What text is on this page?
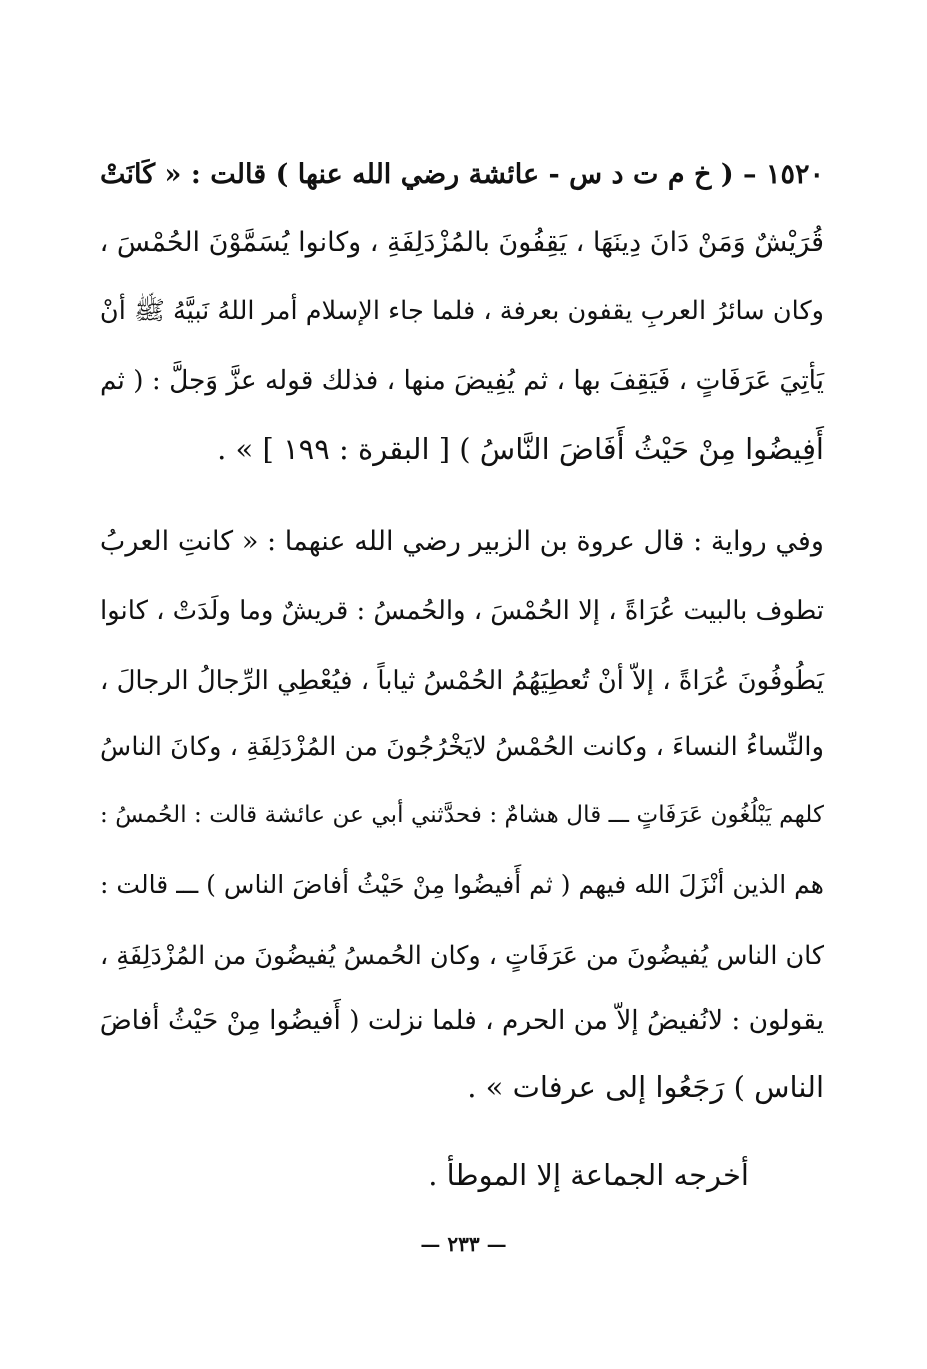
١٥٢٠ – ( خ م ت د س - عائشة رضي الله عنها ) قالت : « كَانَتْ
قُرَيْشٌ وَمَنْ دَانَ دِينَهَا ، يَقِفُونَ بالمُزْدَلِفَةِ ، وكانوا يُسَمَّوْنَ الحُمْسَ ،
وكان سائرُ العربِ يقفون بعرفة ، فلما جاء الإسلام أمر اللهُ نَبيَّهُ ﷺ أنْ
يَأتِيَ عَرَفَاتٍ ، فَيَقِفَ بها ، ثم يُفِيضَ منها ، فذلك قوله عزَّ وَجلَّ : ( ثم
أَفِيضُوا مِنْ حَيْثُ أَفَاضَ النَّاسُ ) [ البقرة : ١٩٩ ] » .
وفي رواية : قال عروة بن الزبير رضي الله عنهما : « كانتِ العربُ
تطوف بالبيت عُرَاةً ، إلا الحُمْسَ ، والحُمسُ : قريشٌ وما ولَدَتْ ، كانوا
يَطُوفُونَ عُرَاةً ، إلاّ أنْ تُعطِيَهُمُ الحُمْسُ ثياباً ، فيُعْطِي الرِّجالُ الرجالَ ،
والنِّساءُ النساءَ ، وكانت الحُمْسُ لايَخْرُجُونَ من المُزْدَلِفَةِ ، وكانَ الناسُ
كلهم يَبْلُغُون عَرَفَاتٍ ـــ قال هشامٌ : فحدَّثني أبي عن عائشة قالت : الحُمسُ :
هم الذين أنْزَلَ الله فيهم ( ثم أَفيضُوا مِنْ حَيْثُ أفاضَ الناس ) ـــ قالت :
كان الناس يُفيضُونَ من عَرَفَاتٍ ، وكان الحُمسُ يُفيضُونَ من المُزْدَلِفَةِ ،
يقولون : لانُفيضُ إلاّ من الحرم ، فلما نزلت ( أَفيضُوا مِنْ حَيْثُ أفاضَ
الناس ) رَجَعُوا إلى عرفات » .
أخرجه الجماعة إلا الموطأ .
— ٢٣٣ —
